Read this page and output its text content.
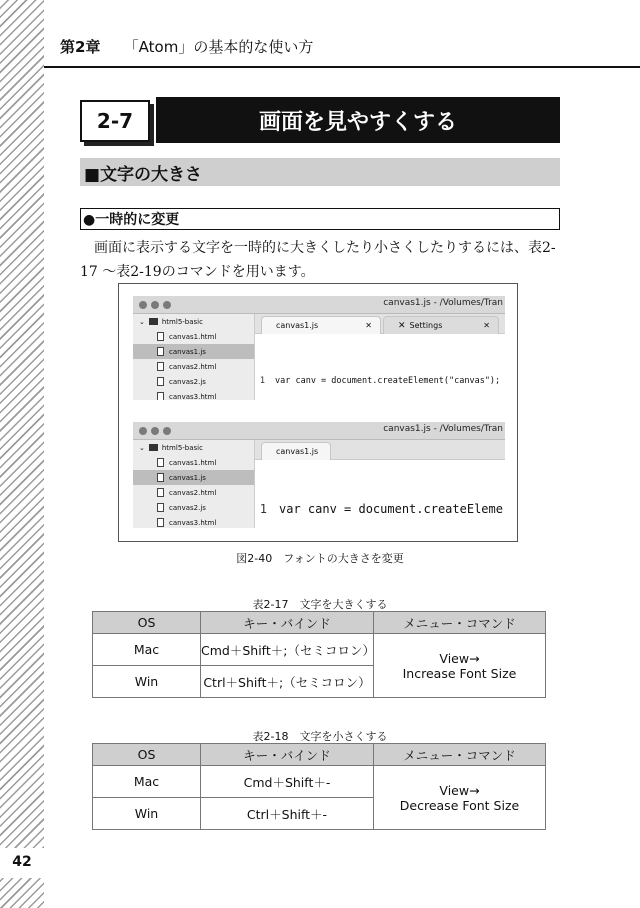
第2章 「Atom」の基本的な使い方
2-7	画面を見やすくする
■文字の大きさ
●一時的に変更

画面に表示する文字を一時的に大きくしたり小さくしたりするには、表2-17 〜表2-19のコマンドを用います。

canvas1.js - /Volumes/Tran
⌄ html5-basic
canvas1.html
canvas1.js
canvas2.html
canvas2.js
canvas3.html
canvas1.js	✕	✕ Settings	✕

1	var canv = document.createElement("canvas");

canvas1.js - /Volumes/Tran
⌄ html5-basic
canvas1.html
canvas1.js
canvas2.html
canvas2.js
canvas3.html
canvas1.js

1	var canv = document.createEleme

図2-40　フォントの大きさを変更
表2-17　文字を大きくする
OS	キー・バインド	メニュー・コマンド
Mac	Cmd＋Shift＋;（セミコロン）	View→
Increase Font Size

Win	Ctrl＋Shift＋;（セミコロン）	
表2-18　文字を小さくする
OS	キー・バインド	メニュー・コマンド
Mac	Cmd＋Shift＋-	View→
Decrease Font Size

Win	Ctrl＋Shift＋-	
42
